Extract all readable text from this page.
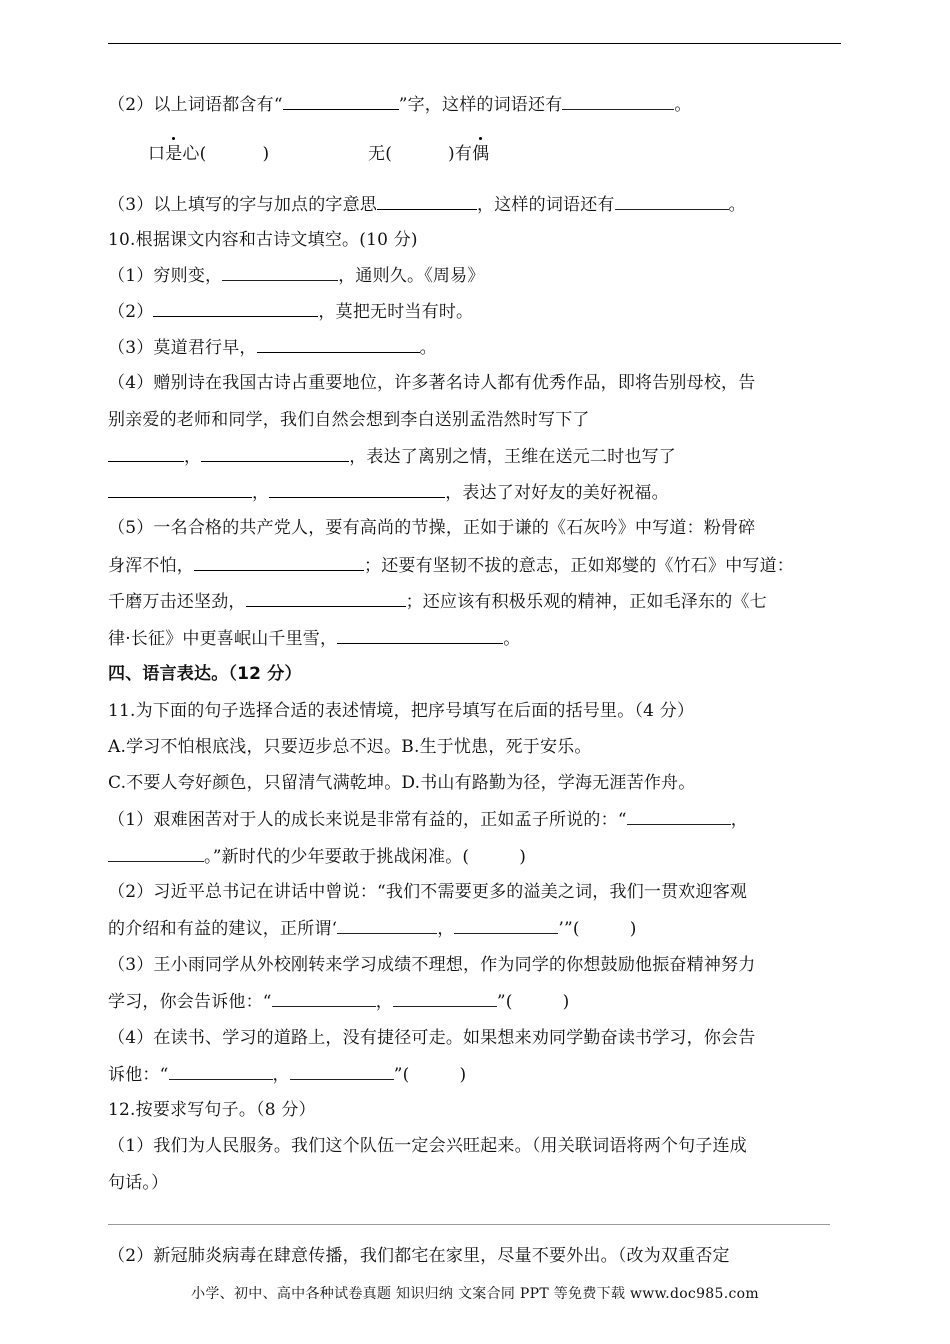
（2）以上词语都含有“	”字，这样的词语还有	。
口是
心(	)	无(	)有偶
（3）以上填写的字与加点的字意思	，这样的词语还有	。
10.根据课文内容和古诗文填空。(10 分)
（1）穷则变，	，通则久。《周易》
（2）	，莫把无时当有时。
（3）莫道君行早，	。
（4）赠别诗在我国古诗占重要地位，许多著名诗人都有优秀作品，即将告别母校，告
别亲爱的老师和同学，我们自然会想到李白送别孟浩然时写下了
，	，表达了离别之情，王维在送元二时也写了
，	，表达了对好友的美好祝福。
（5）一名合格的共产党人，要有高尚的节操，正如于谦的《石灰吟》中写道：粉骨碎
身浑不怕，	；还要有坚韧不拔的意志，正如郑燮的《竹石》中写道：
千磨万击还坚劲，	；还应该有积极乐观的精神，正如毛泽东的《七
律·长征》中更喜岷山千里雪，	。
四、语言表达。（12 分）
11.为下面的句子选择合适的表述情境，把序号填写在后面的括号里。（4 分）
A.学习不怕根底浅，只要迈步总不迟。B.生于忧患，死于安乐。
C.不要人夸好颜色，只留清气满乾坤。D.书山有路勤为径，学海无涯苦作舟。
（1）艰难困苦对于人的成长来说是非常有益的，正如孟子所说的：“	，
。”新时代的少年要敢于挑战闲准。(	)
（2）习近平总书记在讲话中曾说：“我们不需要更多的溢美之词，我们一贯欢迎客观
的介绍和有益的建议，正所谓‘	，	’”(	)
（3）王小雨同学从外校刚转来学习成绩不理想，作为同学的你想鼓励他振奋精神努力
学习，你会告诉他：“	，	”(	)
（4）在读书、学习的道路上，没有捷径可走。如果想来劝同学勤奋读书学习，你会告
诉他：“	，	”(	)
12.按要求写句子。（8 分）
（1）我们为人民服务。我们这个队伍一定会兴旺起来。（用关联词语将两个句子连成
句话。）
（2）新冠肺炎病毒在肆意传播，我们都宅在家里，尽量不要外出。（改为双重否定
小学、初中、高中各种试卷真题 知识归纳 文案合同 PPT 等免费下载 www.doc985.com
